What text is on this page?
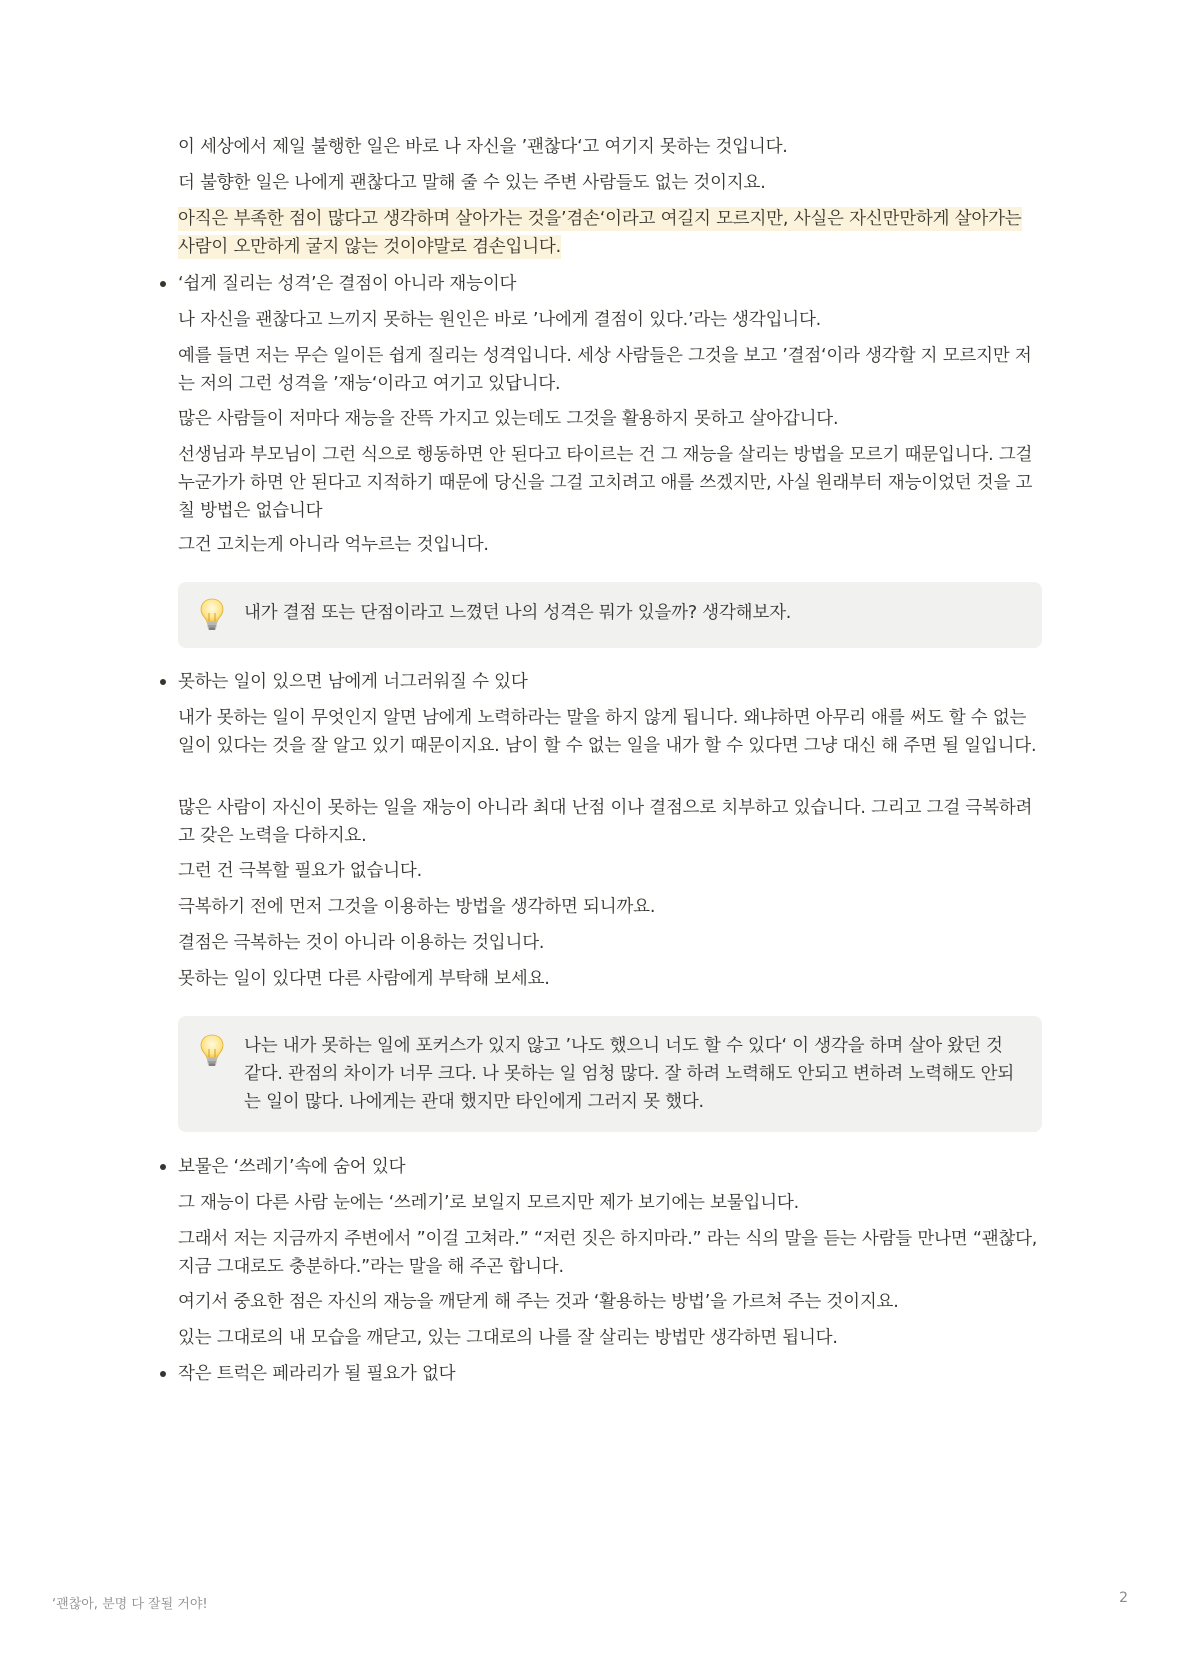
이 세상에서 제일 불행한 일은 바로 나 자신을 ’괜찮다‘고 여기지 못하는 것입니다.
더 불향한 일은 나에게 괜찮다고 말해 줄 수 있는 주변 사람들도 없는 것이지요.
아직은 부족한 점이 많다고 생각하며 살아가는 것을’겸손‘이라고 여길지 모르지만, 사실은 자신만만하게 살아가는 사람이 오만하게 굴지 않는 것이야말로 겸손입니다.
‘쉽게 질리는 성격’은 결점이 아니라 재능이다
나 자신을 괜찮다고 느끼지 못하는 원인은 바로 ’나에게 결점이 있다.’라는 생각입니다.
예를 들면 저는 무슨 일이든 쉽게 질리는 성격입니다. 세상 사람들은 그것을 보고 ’결점‘이라 생각할 지 모르지만 저는 저의 그런 성격을 ’재능‘이라고 여기고 있답니다.
많은 사람들이 저마다 재능을 잔뜩 가지고 있는데도 그것을 활용하지 못하고 살아갑니다.
선생님과 부모님이 그런 식으로 행동하면 안 된다고 타이르는 건 그 재능을 살리는 방법을 모르기 때문입니다. 그걸 누군가가 하면 안 된다고 지적하기 때문에 당신을 그걸 고치려고 애를 쓰겠지만, 사실 원래부터 재능이었던 것을 고칠 방법은 없습니다
그건 고치는게 아니라 억누르는 것입니다.
내가 결점 또는 단점이라고 느꼈던 나의 성격은 뭐가 있을까? 생각해보자.
못하는 일이 있으면 남에게 너그러워질 수 있다
내가 못하는 일이 무엇인지 알면 남에게 노력하라는 말을 하지 않게 됩니다. 왜냐하면 아무리 애를 써도 할 수 없는 일이 있다는 것을 잘 알고 있기 때문이지요. 남이 할 수 없는 일을 내가 할 수 있다면 그냥 대신 해 주면 될 일입니다.
많은 사람이 자신이 못하는 일을 재능이 아니라 최대 난점 이나 결점으로 치부하고 있습니다. 그리고 그걸 극복하려고 갖은 노력을 다하지요.
그런 건 극복할 필요가 없습니다.
극복하기 전에 먼저 그것을 이용하는 방법을 생각하면 되니까요.
결점은 극복하는 것이 아니라 이용하는 것입니다.
못하는 일이 있다면 다른 사람에게 부탁해 보세요.
나는 내가 못하는 일에 포커스가 있지 않고 ’나도 했으니 너도 할 수 있다‘ 이 생각을 하며 살아 왔던 것 같다. 관점의 차이가 너무 크다. 나 못하는 일 엄청 많다. 잘 하려 노력해도 안되고 변하려 노력해도 안되는 일이 많다. 나에게는 관대 했지만 타인에게 그러지 못 했다.
보물은 ‘쓰레기’속에 숨어 있다
그 재능이 다른 사람 눈에는 ‘쓰레기’로 보일지 모르지만 제가 보기에는 보물입니다.
그래서 저는 지금까지 주변에서 ”이걸 고쳐라.” “저런 짓은 하지마라.” 라는 식의 말을 듣는 사람들 만나면 “괜찮다, 지금 그대로도 충분하다.”라는 말을 해 주곤 합니다.
여기서 중요한 점은 자신의 재능을 깨닫게 해 주는 것과 ‘활용하는 방법’을 가르쳐 주는 것이지요.
있는 그대로의 내 모습을 깨닫고, 있는 그대로의 나를 잘 살리는 방법만 생각하면 됩니다.
작은 트럭은 페라리가 될 필요가 없다
‘괜찮아, 분명 다 잘될 거야!	2
